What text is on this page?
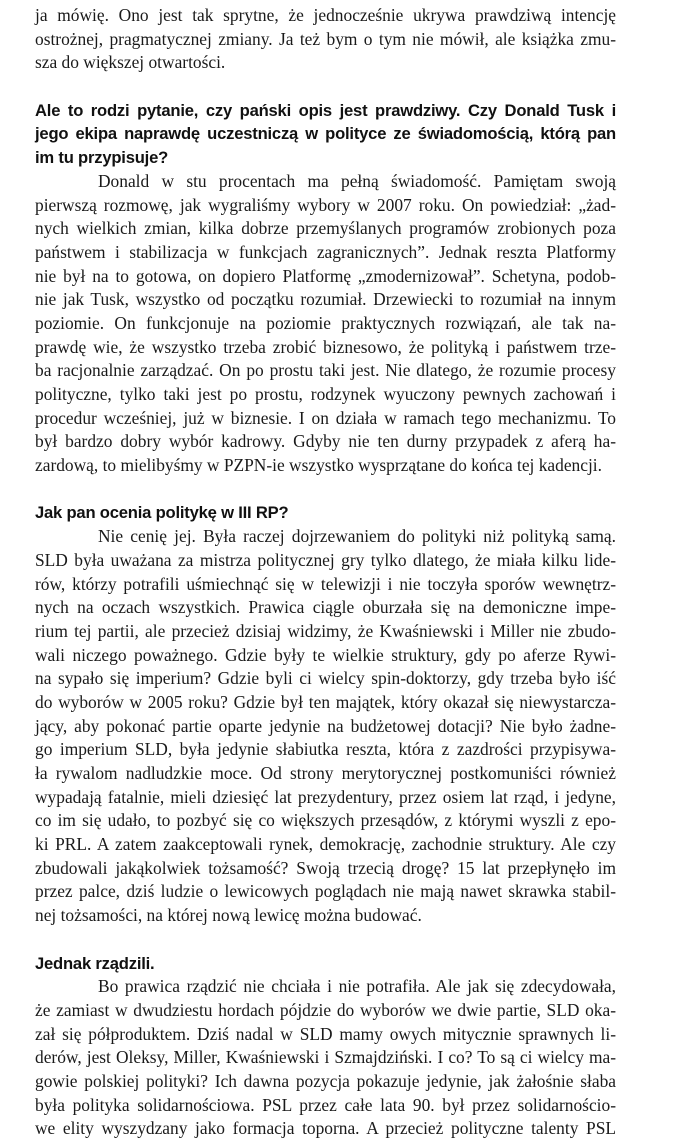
ja mówię. Ono jest tak sprytne, że jednocześnie ukrywa prawdziwą intencję
ostrożnej, pragmatycznej zmiany. Ja też bym o tym nie mówił, ale książka zmu-
sza do większej otwartości.
Ale to rodzi pytanie, czy pański opis jest prawdziwy. Czy Donald Tusk i
jego ekipa naprawdę uczestniczą w polityce ze świadomością, którą pan
im tu przypisuje?
Donald w stu procentach ma pełną świadomość. Pamiętam swoją
pierwszą rozmowę, jak wygraliśmy wybory w 2007 roku. On powiedział: „żad-
nych wielkich zmian, kilka dobrze przemyślanych programów zrobionych poza
państwem i stabilizacja w funkcjach zagranicznych”. Jednak reszta Platformy
nie był na to gotowa, on dopiero Platformę „zmodernizował”. Schetyna, podob-
nie jak Tusk, wszystko od początku rozumiał. Drzewiecki to rozumiał na innym
poziomie. On funkcjonuje na poziomie praktycznych rozwiązań, ale tak na-
prawdę wie, że wszystko trzeba zrobić biznesowo, że polityką i państwem trze-
ba racjonalnie zarządzać. On po prostu taki jest. Nie dlatego, że rozumie procesy
polityczne, tylko taki jest po prostu, rodzynek wyuczony pewnych zachowań i
procedur wcześniej, już w biznesie. I on działa w ramach tego mechanizmu. To
był bardzo dobry wybór kadrowy. Gdyby nie ten durny przypadek z aferą ha-
zardową, to mielibyśmy w PZPN-ie wszystko wysprzątane do końca tej kadencji.
Jak pan ocenia politykę w III RP?
Nie cenię jej. Była raczej dojrzewaniem do polityki niż polityką samą.
SLD była uważana za mistrza politycznej gry tylko dlatego, że miała kilku lide-
rów, którzy potrafili uśmiechnąć się w telewizji i nie toczyła sporów wewnętrz-
nych na oczach wszystkich. Prawica ciągle oburzała się na demoniczne impe-
rium tej partii, ale przecież dzisiaj widzimy, że Kwaśniewski i Miller nie zbudo-
wali niczego poważnego. Gdzie były te wielkie struktury, gdy po aferze Rywi-
na sypało się imperium? Gdzie byli ci wielcy spin-doktorzy, gdy trzeba było iść
do wyborów w 2005 roku? Gdzie był ten majątek, który okazał się niewystarcza-
jący, aby pokonać partie oparte jedynie na budżetowej dotacji? Nie było żadne-
go imperium SLD, była jedynie słabiutka reszta, która z zazdrości przypisywa-
ła rywalom nadludzkie moce. Od strony merytorycznej postkomuniści również
wypadają fatalnie, mieli dziesięć lat prezydentury, przez osiem lat rząd, i jedyne,
co im się udało, to pozbyć się co większych przesądów, z którymi wyszli z epo-
ki PRL. A zatem zaakceptowali rynek, demokrację, zachodnie struktury. Ale czy
zbudowali jakąkolwiek tożsamość? Swoją trzecią drogę? 15 lat przepłynęło im
przez palce, dziś ludzie o lewicowych poglądach nie mają nawet skrawka stabil-
nej tożsamości, na której nową lewicę można budować.
Jednak rządzili.
Bo prawica rządzić nie chciała i nie potrafiła. Ale jak się zdecydowała,
że zamiast w dwudziestu hordach pójdzie do wyborów we dwie partie, SLD oka-
zał się półproduktem. Dziś nadal w SLD mamy owych mitycznie sprawnych li-
derów, jest Oleksy, Miller, Kwaśniewski i Szmajdziński. I co? To są ci wielcy ma-
gowie polskiej polityki? Ich dawna pozycja pokazuje jedynie, jak żałośnie słaba
była polityka solidarnościowa. PSL przez całe lata 90. był przez solidarnościo-
we elity wyszydzany jako formacja toporna. A przecież polityczne talenty PSL
